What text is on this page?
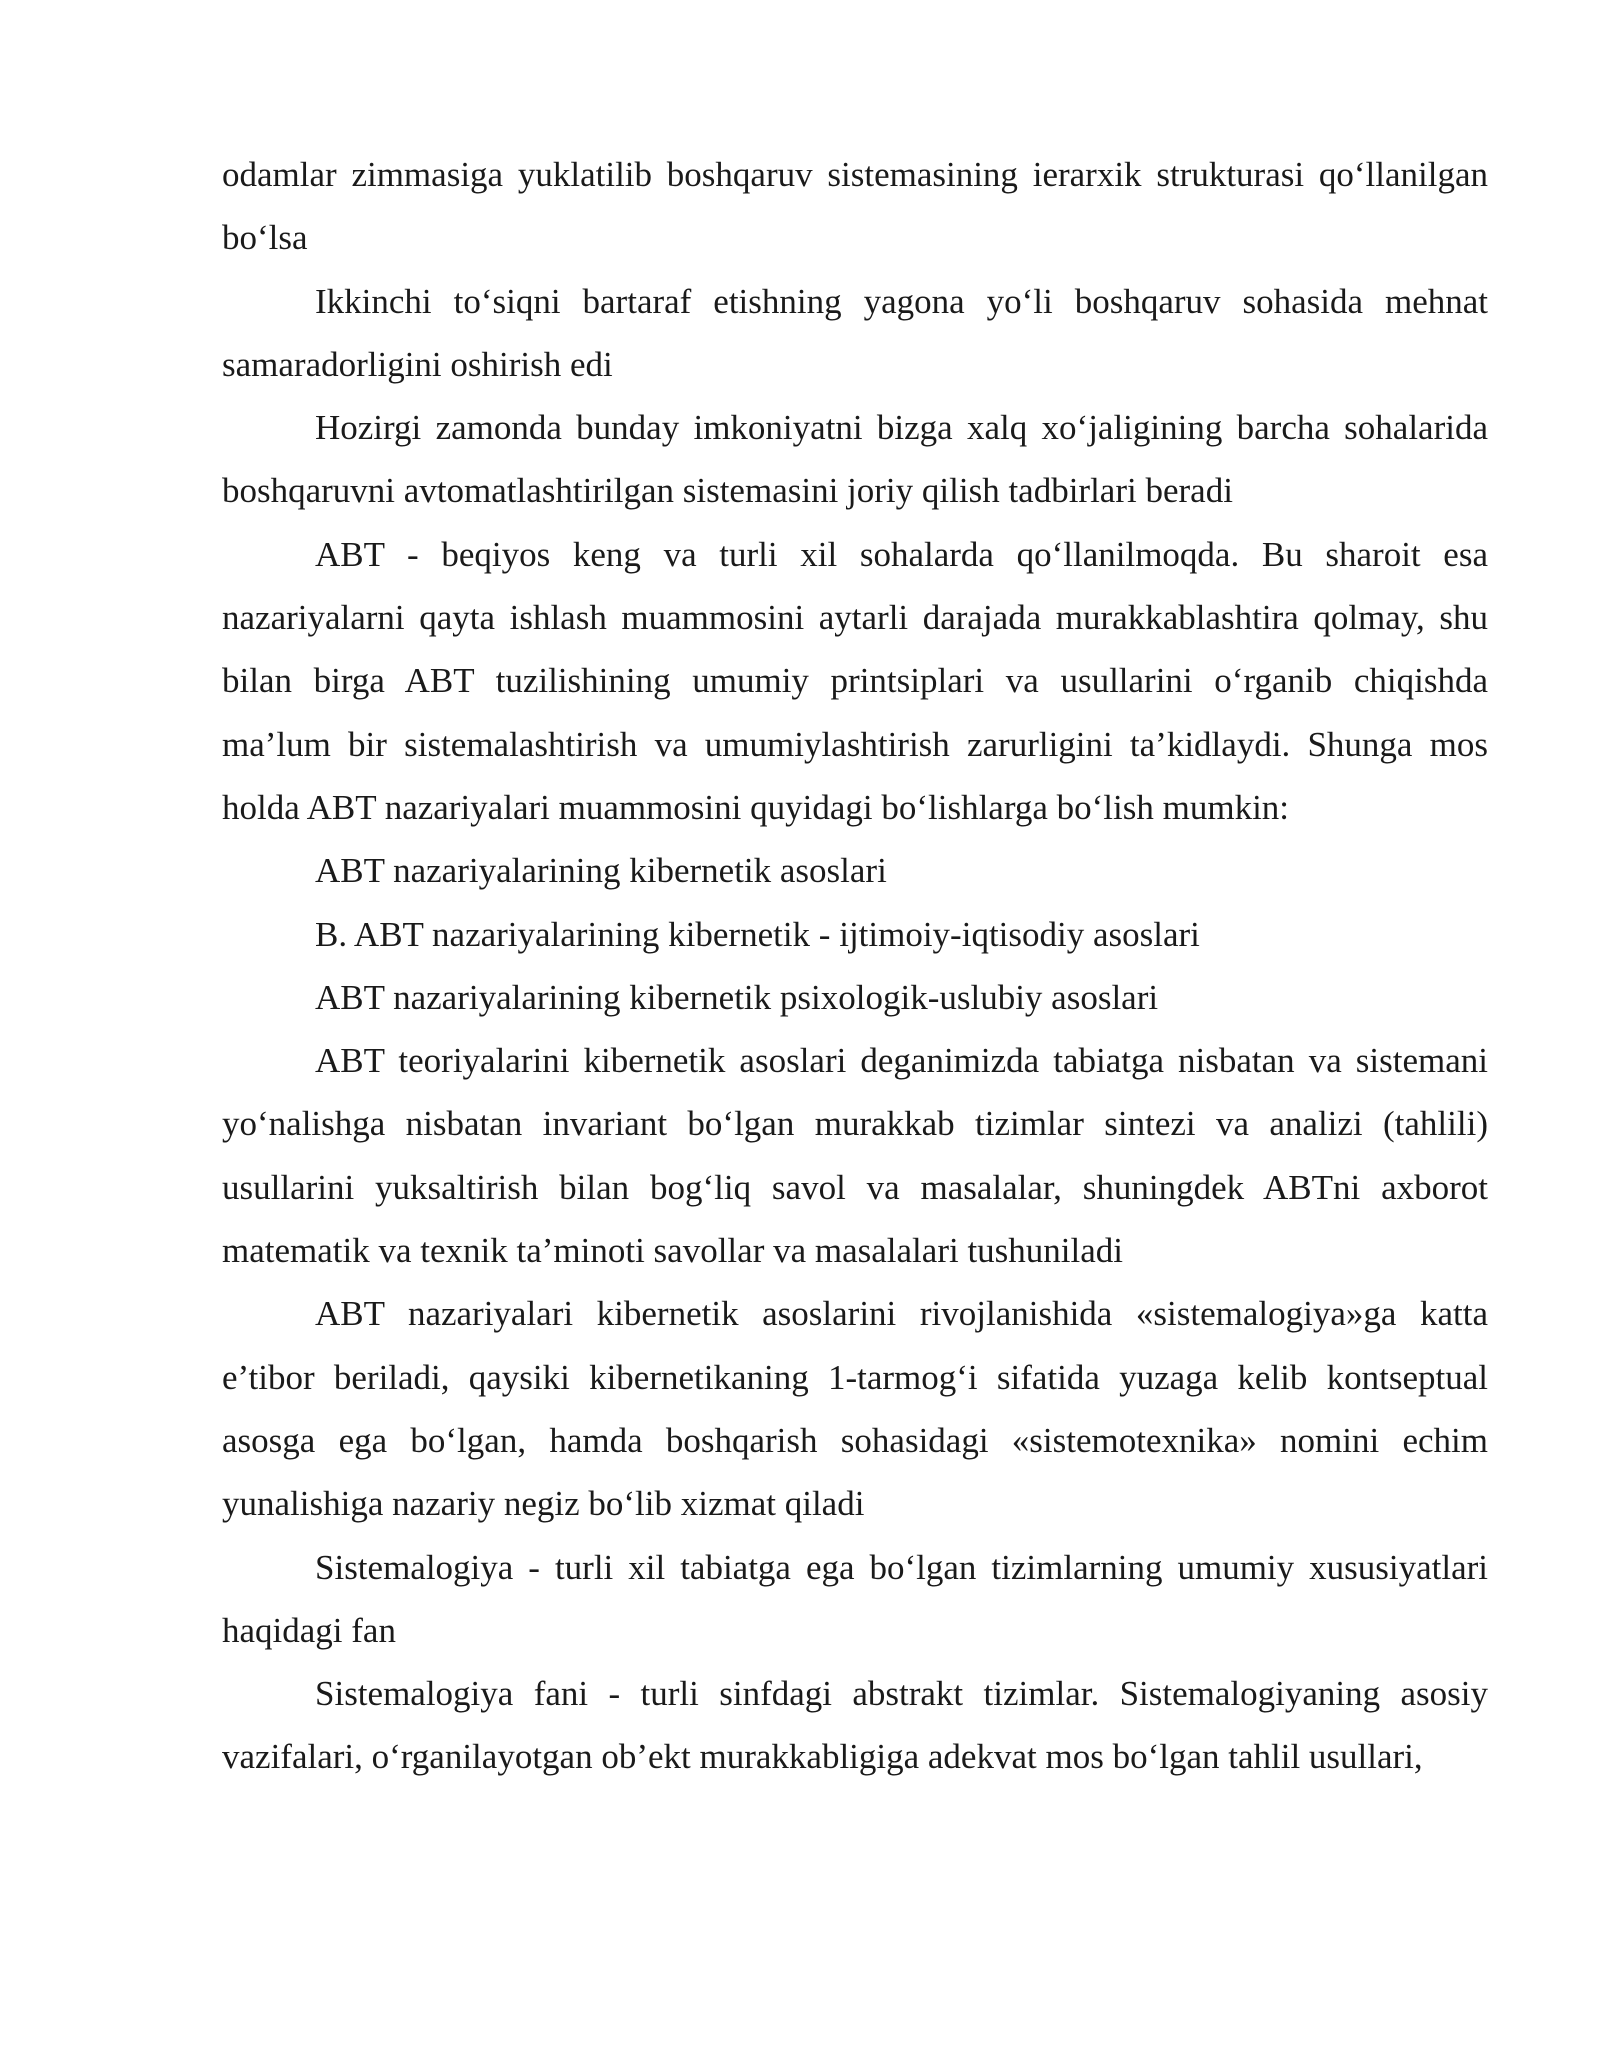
odamlar zimmasiga yuklatilib boshqaruv sistemasining ierarxik strukturasi qo‘llanilgan bo‘lsa

Ikkinchi to‘siqni bartaraf etishning yagona yo‘li boshqaruv sohasida mehnat samaradorligini oshirish edi

Hozirgi zamonda bunday imkoniyatni bizga xalq xo‘jaligining barcha sohalarida boshqaruvni avtomatlashtirilgan sistemasini joriy qilish tadbirlari beradi

ABT - beqiyos keng va turli xil sohalarda qo‘llanilmoqda. Bu sharoit esa nazariyalarni qayta ishlash muammosini aytarli darajada murakkablashtira qolmay, shu bilan birga ABT tuzilishining umumiy printsiplari va usullarini o‘rganib chiqishda ma’lum bir sistemalashtirish va umumiylashtirish zarurligini ta’kidlaydi. Shunga mos holda ABT nazariyalari muammosini quyidagi bo‘lishlarga bo‘lish mumkin:

ABT nazariyalarining kibernetik asoslari

B. ABT nazariyalarining kibernetik - ijtimoiy-iqtisodiy asoslari

ABT nazariyalarining kibernetik psixologik-uslubiy asoslari

ABT teoriyalarini kibernetik asoslari deganimizda tabiatga nisbatan va sistemani yo‘nalishga nisbatan invariant bo‘lgan murakkab tizimlar sintezi va analizi (tahlili) usullarini yuksaltirish bilan bog‘liq savol va masalalar, shuningdek ABTni axborot matematik va texnik ta’minoti savollar va masalalari tushuniladi

ABT nazariyalari kibernetik asoslarini rivojlanishida «sistemalogiya»ga katta e’tibor beriladi, qaysiki kibernetikaning 1-tarmog‘i sifatida yuzaga kelib kontseptual asosga ega bo‘lgan, hamda boshqarish sohasidagi «sistemotexnika» nomini echim yunalishiga nazariy negiz bo‘lib xizmat qiladi

Sistemalogiya - turli xil tabiatga ega bo‘lgan tizimlarning umumiy xususiyatlari haqidagi fan

Sistemalogiya fani - turli sinfdagi abstrakt tizimlar. Sistemalogiyaning asosiy vazifalari, o‘rganilayotgan ob’ekt murakkabligiga adekvat mos bo‘lgan tahlil usullari,
